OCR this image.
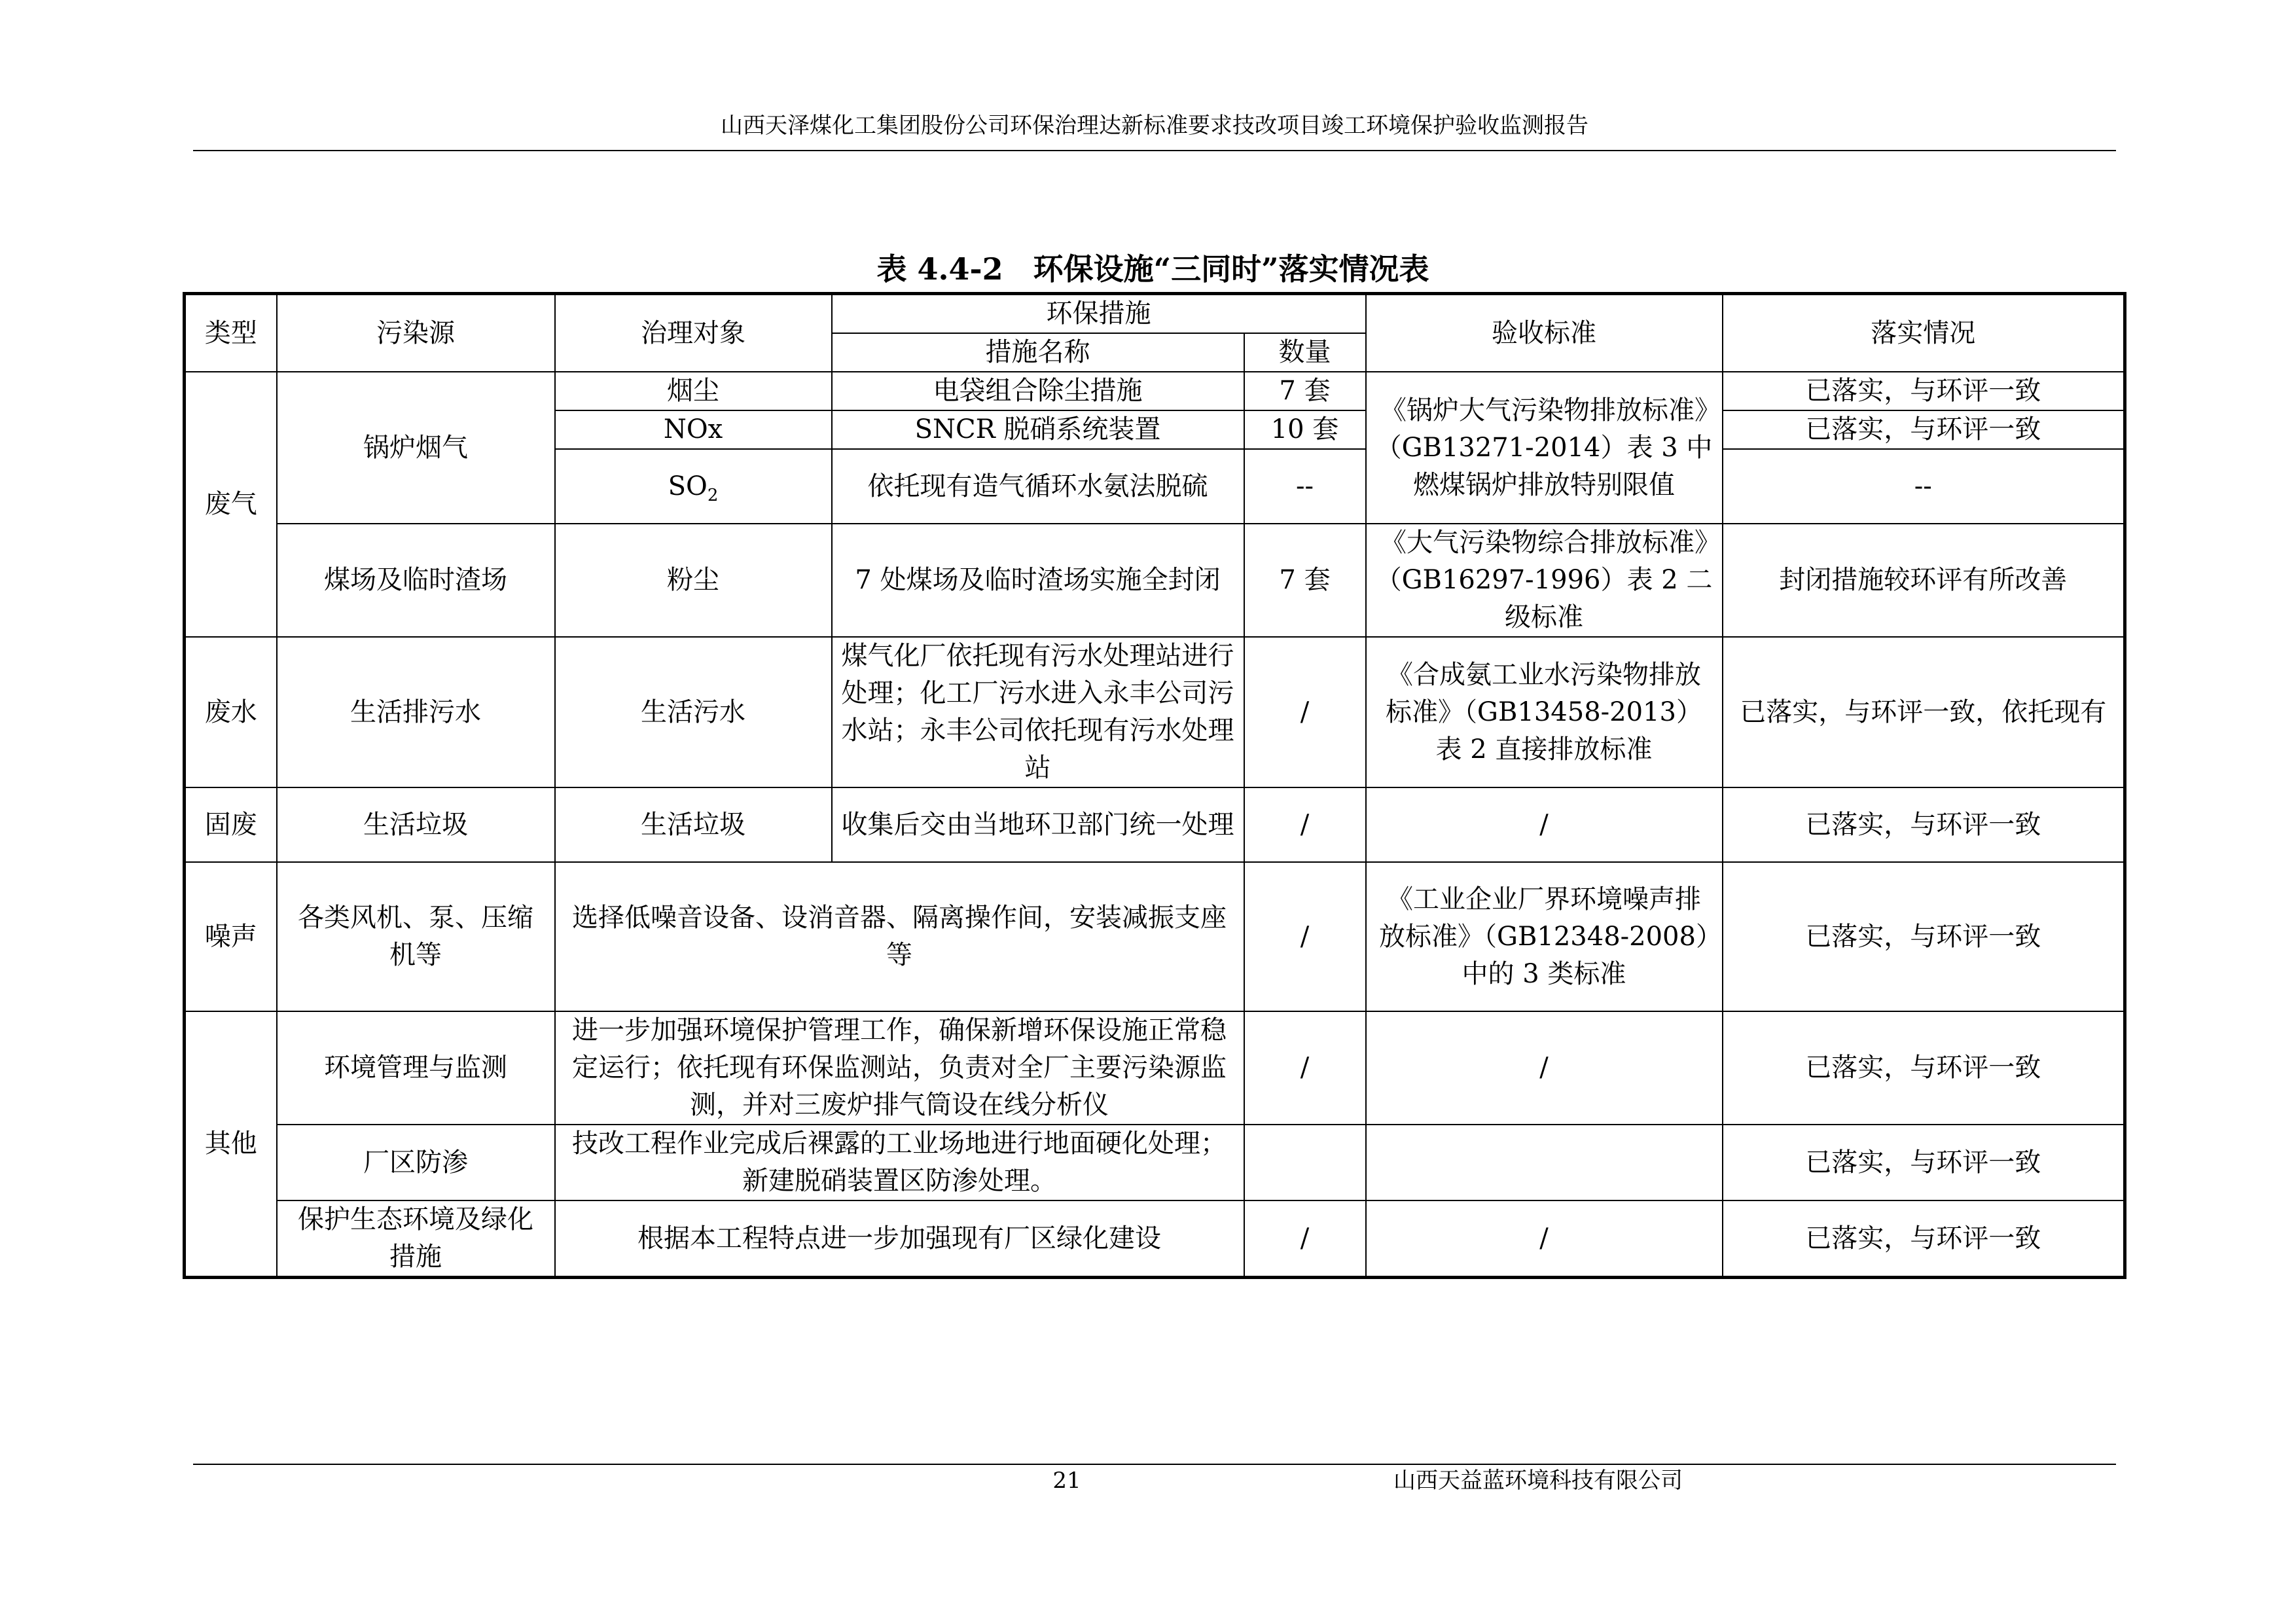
山西天泽煤化工集团股份公司环保治理达新标准要求技改项目竣工环境保护验收监测报告
表 4.4-2　环保设施“三同时”落实情况表
类型	污染源	治理对象	环保措施		验收标准	落实情况
			措施名称	数量		
废气	锅炉烟气	烟尘	电袋组合除尘措施	7 套	《锅炉大气污染物排放标准》（GB13271-2014）表 3 中燃煤锅炉排放特别限值	已落实，与环评一致
		NOx	SNCR 脱硝系统装置	10 套		已落实，与环评一致
		$SO_2$	依托现有造气循环水氨法脱硫	--		--
	煤场及临时渣场	粉尘	7 处煤场及临时渣场实施全封闭	7 套	《大气污染物综合排放标准》（GB16297-1996）表 2 二级标准	封闭措施较环评有所改善
废水	生活排污水	生活污水	煤气化厂依托现有污水处理站进行处理；化工厂污水进入永丰公司污水站；永丰公司依托现有污水处理站	/	《合成氨工业水污染物排放标准》（GB13458-2013）表 2 直接排放标准	已落实，与环评一致，依托现有
固废	生活垃圾	生活垃圾	收集后交由当地环卫部门统一处理	/	/	已落实，与环评一致
噪声	各类风机、泵、压缩机等	选择低噪音设备、设消音器、隔离操作间，安装减振支座等		/	《工业企业厂界环境噪声排放标准》（GB12348-2008）中的 3 类标准	已落实，与环评一致
其他	环境管理与监测	进一步加强环境保护管理工作，确保新增环保设施正常稳定运行；依托现有环保监测站，负责对全厂主要污染源监测，并对三废炉排气筒设在线分析仪		/	/	已落实，与环评一致
	厂区防渗	技改工程作业完成后裸露的工业场地进行地面硬化处理；新建脱硝装置区防渗处理。				已落实，与环评一致
	保护生态环境及绿化措施	根据本工程特点进一步加强现有厂区绿化建设		/	/	已落实，与环评一致
21	山西天益蓝环境科技有限公司
